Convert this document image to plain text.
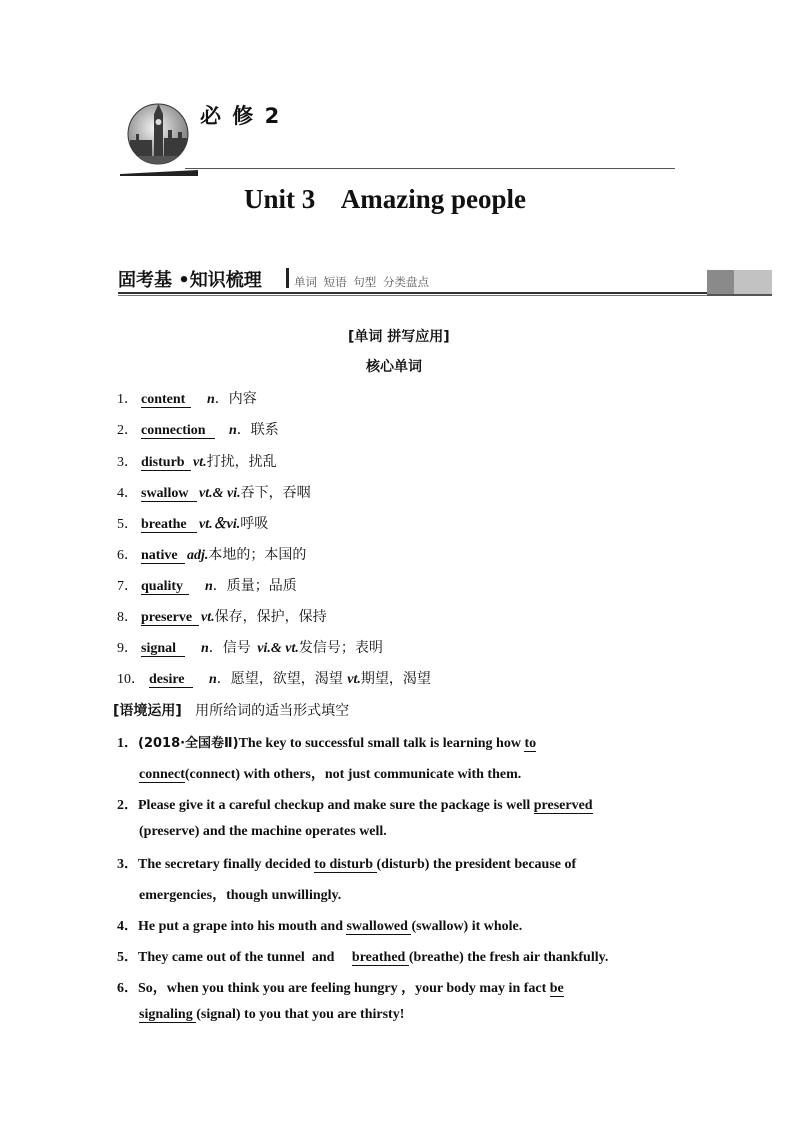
必 修 2
Unit 3    Amazing people
固考基 •知识梳理	单词 短语 句型 分类盘点
[单词 拼写应用]
核心单词
1． content n．内容
2． connection n．联系
3． disturb vt.打扰，扰乱
4． swallow vt.& vi.吞下，吞咽
5． breathe vt.＆vi.呼吸
6． native adj.本地的；本国的
7． quality n．质量；品质
8． preserve vt.保存，保护，保持
9． signal n．信号 vi.& vt.发信号；表明
10． desire n．愿望，欲望，渴望 vt.期望，渴望
[语境运用] 用所给词的适当形式填空
1．(2018·全国卷Ⅱ)The key to successful small talk is learning how to
connect(connect) with others，not just communicate with them.
2．Please give it a careful checkup and make sure the package is well preserved
(preserve) and the machine operates well.
3．The secretary finally decided to disturb (disturb) the president because of
emergencies，though unwillingly.
4．He put a grape into his mouth and swallowed (swallow) it whole.
5．They came out of the tunnel  and     breathed (breathe) the fresh air thankfully.
6．So，when you think you are feeling hungry ，your body may in fact be
signaling (signal) to you that you are thirsty!
